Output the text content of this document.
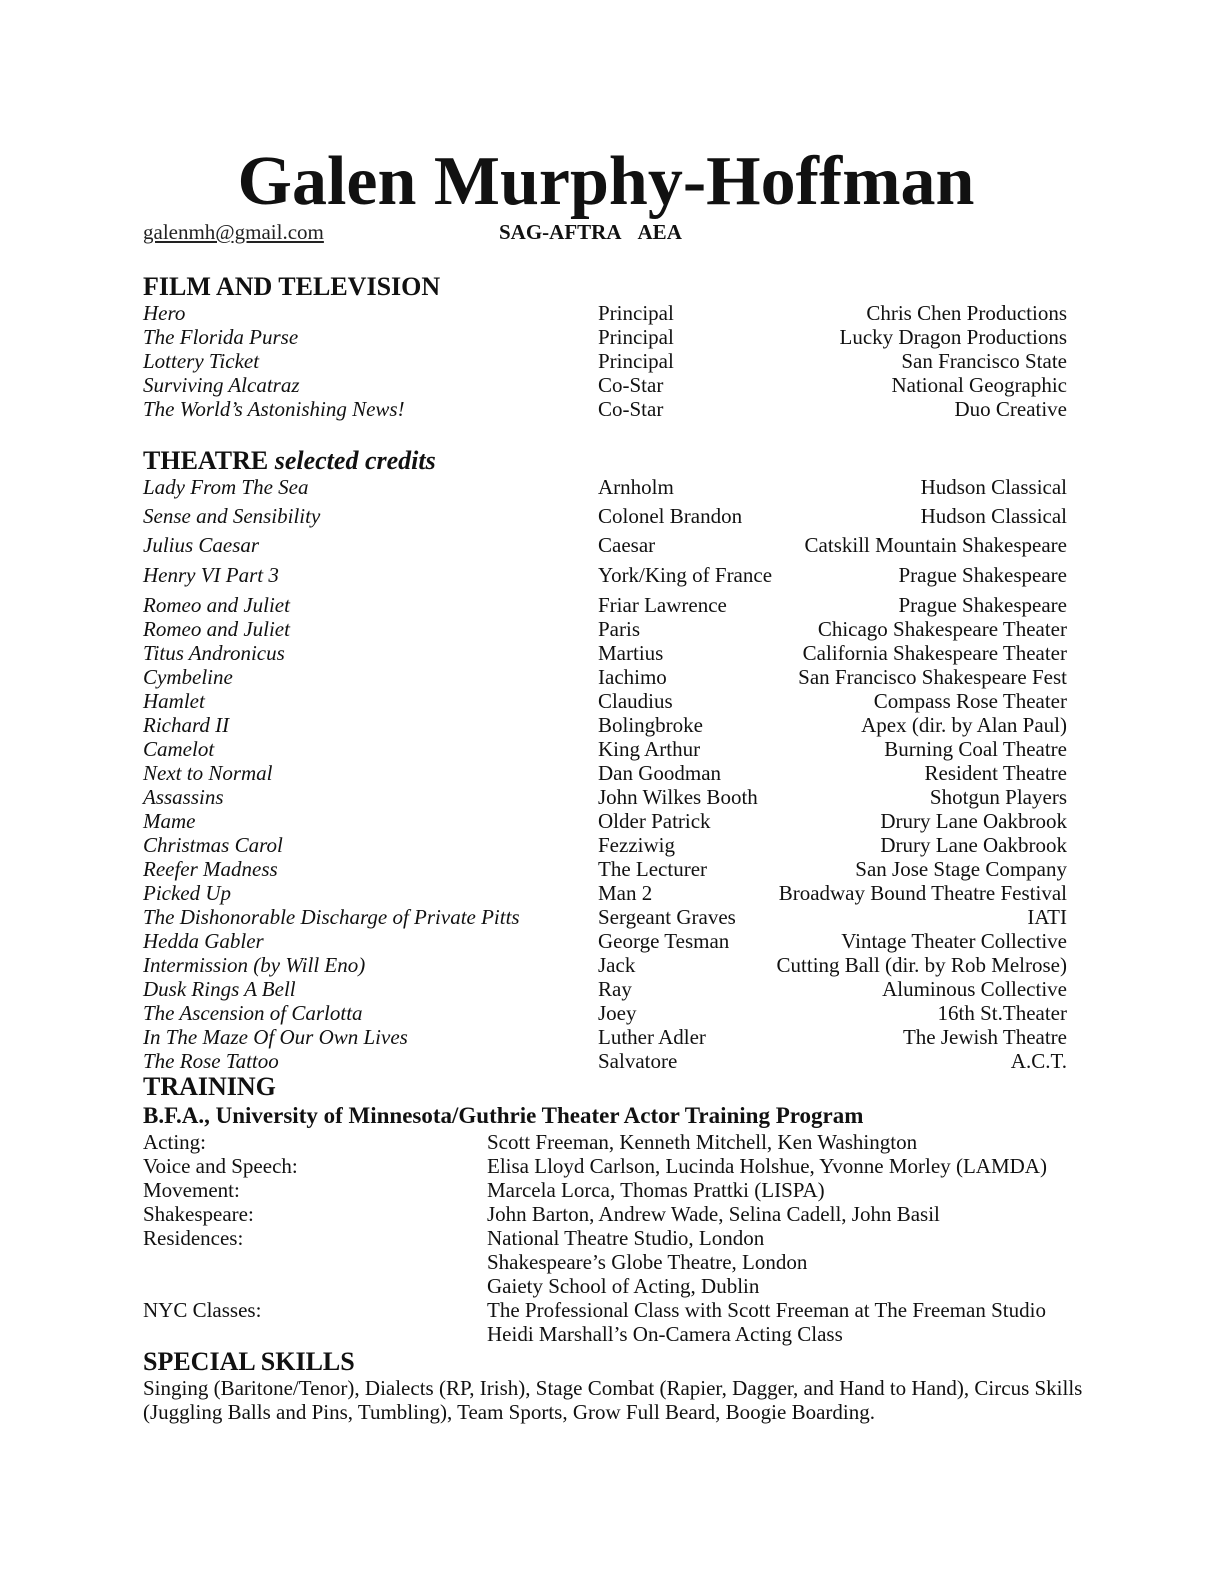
Galen Murphy-Hoffman
galenmh@gmail.com	SAG-AFTRA AEA
FILM AND TELEVISION
Hero	Principal	Chris Chen Productions
The Florida Purse	Principal	Lucky Dragon Productions
Lottery Ticket	Principal	San Francisco State
Surviving Alcatraz	Co-Star	National Geographic
The World’s Astonishing News!	Co-Star	Duo Creative
THEATRE selected credits
Lady From The Sea	Arnholm	Hudson Classical
Sense and Sensibility	Colonel Brandon	Hudson Classical
Julius Caesar	Caesar	Catskill Mountain Shakespeare
Henry VI Part 3	York/King of France	Prague Shakespeare
Romeo and Juliet	Friar Lawrence	Prague Shakespeare
Romeo and Juliet	Paris	Chicago Shakespeare Theater
Titus Andronicus	Martius	California Shakespeare Theater
Cymbeline	Iachimo	San Francisco Shakespeare Fest
Hamlet	Claudius	Compass Rose Theater
Richard II	Bolingbroke	Apex (dir. by Alan Paul)
Camelot	King Arthur	Burning Coal Theatre
Next to Normal	Dan Goodman	Resident Theatre
Assassins	John Wilkes Booth	Shotgun Players
Mame	Older Patrick	Drury Lane Oakbrook
Christmas Carol	Fezziwig	Drury Lane Oakbrook
Reefer Madness	The Lecturer	San Jose Stage Company
Picked Up	Man 2	Broadway Bound Theatre Festival
The Dishonorable Discharge of Private Pitts	Sergeant Graves	IATI
Hedda Gabler	George Tesman	Vintage Theater Collective
Intermission (by Will Eno)	Jack	Cutting Ball (dir. by Rob Melrose)
Dusk Rings A Bell	Ray	Aluminous Collective
The Ascension of Carlotta	Joey	16th St.Theater
In The Maze Of Our Own Lives	Luther Adler	The Jewish Theatre
The Rose Tattoo	Salvatore	A.C.T.
TRAINING
B.F.A., University of Minnesota/Guthrie Theater Actor Training Program
Acting:	Scott Freeman, Kenneth Mitchell, Ken Washington
Voice and Speech:	Elisa Lloyd Carlson, Lucinda Holshue, Yvonne Morley (LAMDA)
Movement:	Marcela Lorca, Thomas Prattki (LISPA)
Shakespeare:	John Barton, Andrew Wade, Selina Cadell, John Basil
Residences:	National Theatre Studio, London
Shakespeare’s Globe Theatre, London
Gaiety School of Acting, Dublin
NYC Classes:	The Professional Class with Scott Freeman at The Freeman Studio
Heidi Marshall’s On-Camera Acting Class
SPECIAL SKILLS
Singing (Baritone/Tenor), Dialects (RP, Irish), Stage Combat (Rapier, Dagger, and Hand to Hand), Circus Skills (Juggling Balls and Pins, Tumbling), Team Sports, Grow Full Beard, Boogie Boarding.
